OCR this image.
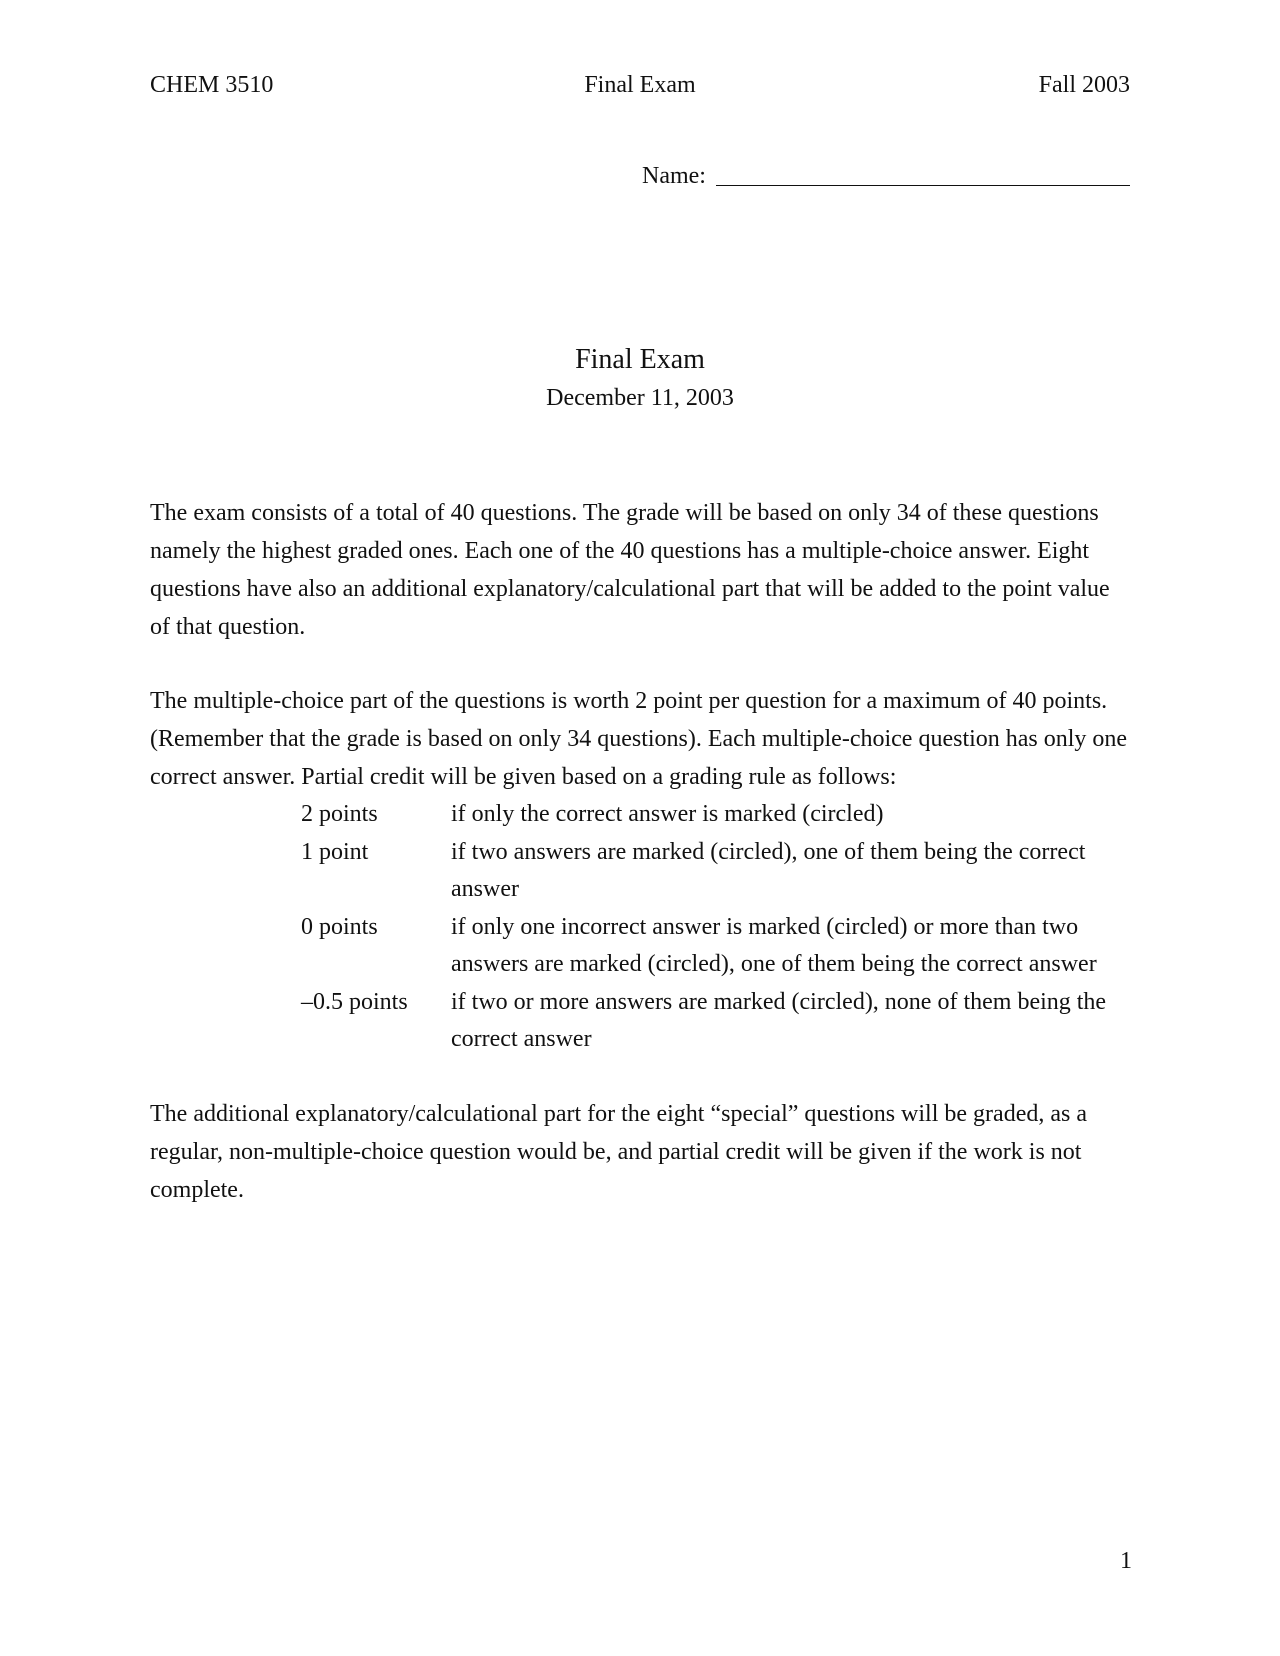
CHEM 3510	Final Exam	Fall 2003
Name:
Final Exam
December 11, 2003
The exam consists of a total of 40 questions. The grade will be based on only 34 of these questions namely the highest graded ones. Each one of the 40 questions has a multiple-choice answer. Eight questions have also an additional explanatory/calculational part that will be added to the point value of that question.
The multiple-choice part of the questions is worth 2 point per question for a maximum of 40 points. (Remember that the grade is based on only 34 questions). Each multiple-choice question has only one correct answer. Partial credit will be given based on a grading rule as follows:
2 points	if only the correct answer is marked (circled)
1 point	if two answers are marked (circled), one of them being the correct answer
0 points	if only one incorrect answer is marked (circled) or more than two answers are marked (circled), one of them being the correct answer
–0.5 points	if two or more answers are marked (circled), none of them being the correct answer
The additional explanatory/calculational part for the eight “special” questions will be graded, as a regular, non-multiple-choice question would be, and partial credit will be given if the work is not complete.
1
